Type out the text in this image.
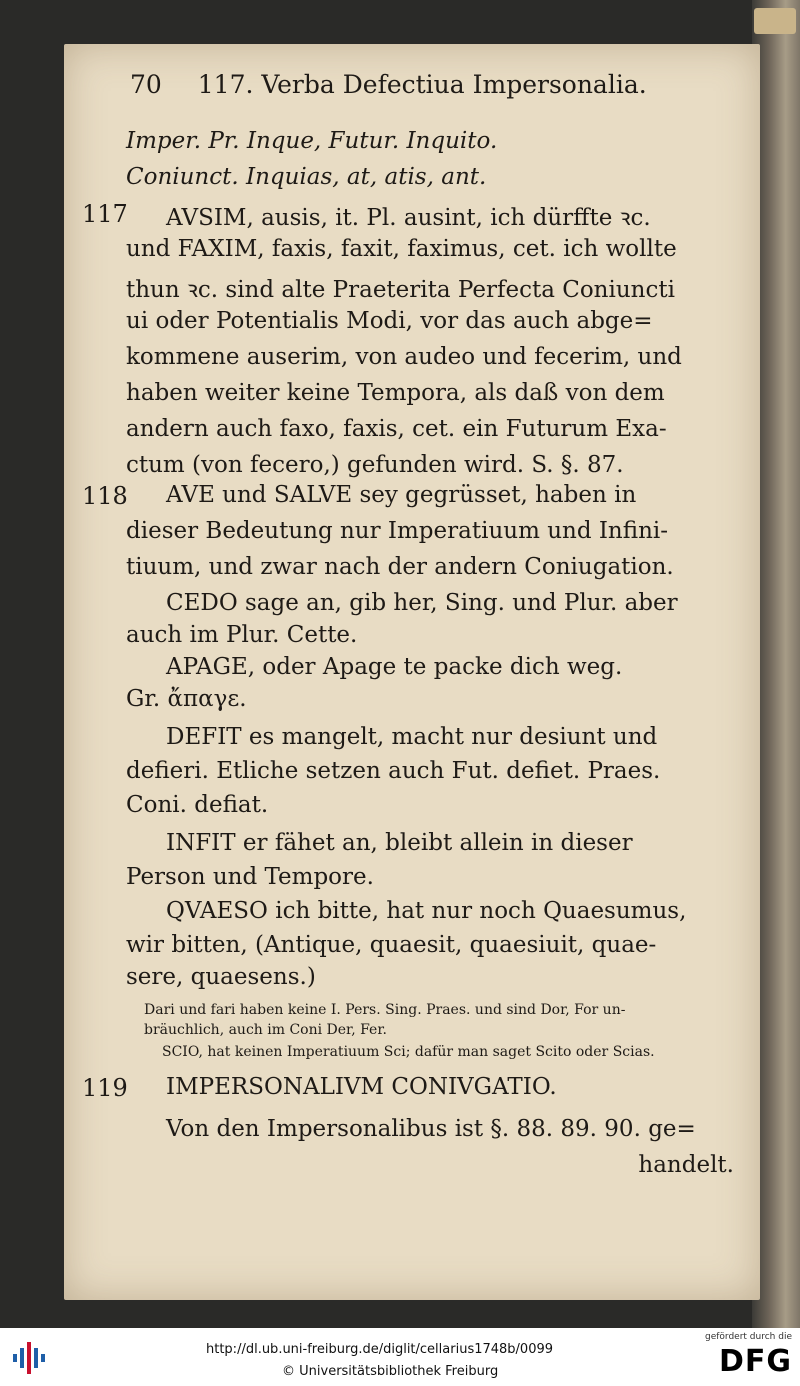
70 117. Verba Defectiua Impersonalia.
Imper. Pr. Inque, Futur. Inquito.
Coniunct. Inquias, at, atis, ant.
117 AVSIM, ausis, it. Pl. ausint, ich dürffte ꝛc.
und FAXIM, faxis, faxit, faximus, cet. ich wollte
thun ꝛc. sind alte Praeterita Perfecta Coniuncti
ui oder Potentialis Modi, vor das auch abge=
kommene auserim, von audeo und fecerim, und
haben weiter keine Tempora, als daß von dem
andern auch faxo, faxis, cet. ein Futurum Exa-
ctum (von fecero,) gefunden wird. S. §. 87.
118 AVE und SALVE sey gegrüsset, haben in
dieser Bedeutung nur Imperatiuum und Infini-
tiuum, und zwar nach der andern Coniugation.
CEDO sage an, gib her, Sing. und Plur. aber
auch im Plur. Cette.
APAGE, oder Apage te packe dich weg.
Gr. ἄπαγε.
DEFIT es mangelt, macht nur desiunt und
defieri. Etliche setzen auch Fut. defiet. Praes.
Coni. defiat.
INFIT er fähet an, bleibt allein in dieser
Person und Tempore.
QVAESO ich bitte, hat nur noch Quaesumus,
wir bitten, (Antique, quaesit, quaesiuit, quae-
sere, quaesens.)
Dari und fari haben keine I. Pers. Sing. Praes. und sind Dor, For un-
bräuchlich, auch im Coni Der, Fer.
SCIO, hat keinen Imperatiuum Sci; dafür man saget Scito oder Scias.
119 IMPERSONALIVM CONIVGATIO.
Von den Impersonalibus ist §. 88. 89. 90. ge=
handelt.
http://dl.ub.uni-freiburg.de/diglit/cellarius1748b/0099
© Universitätsbibliothek Freiburg
gefördert durch die
DFG
